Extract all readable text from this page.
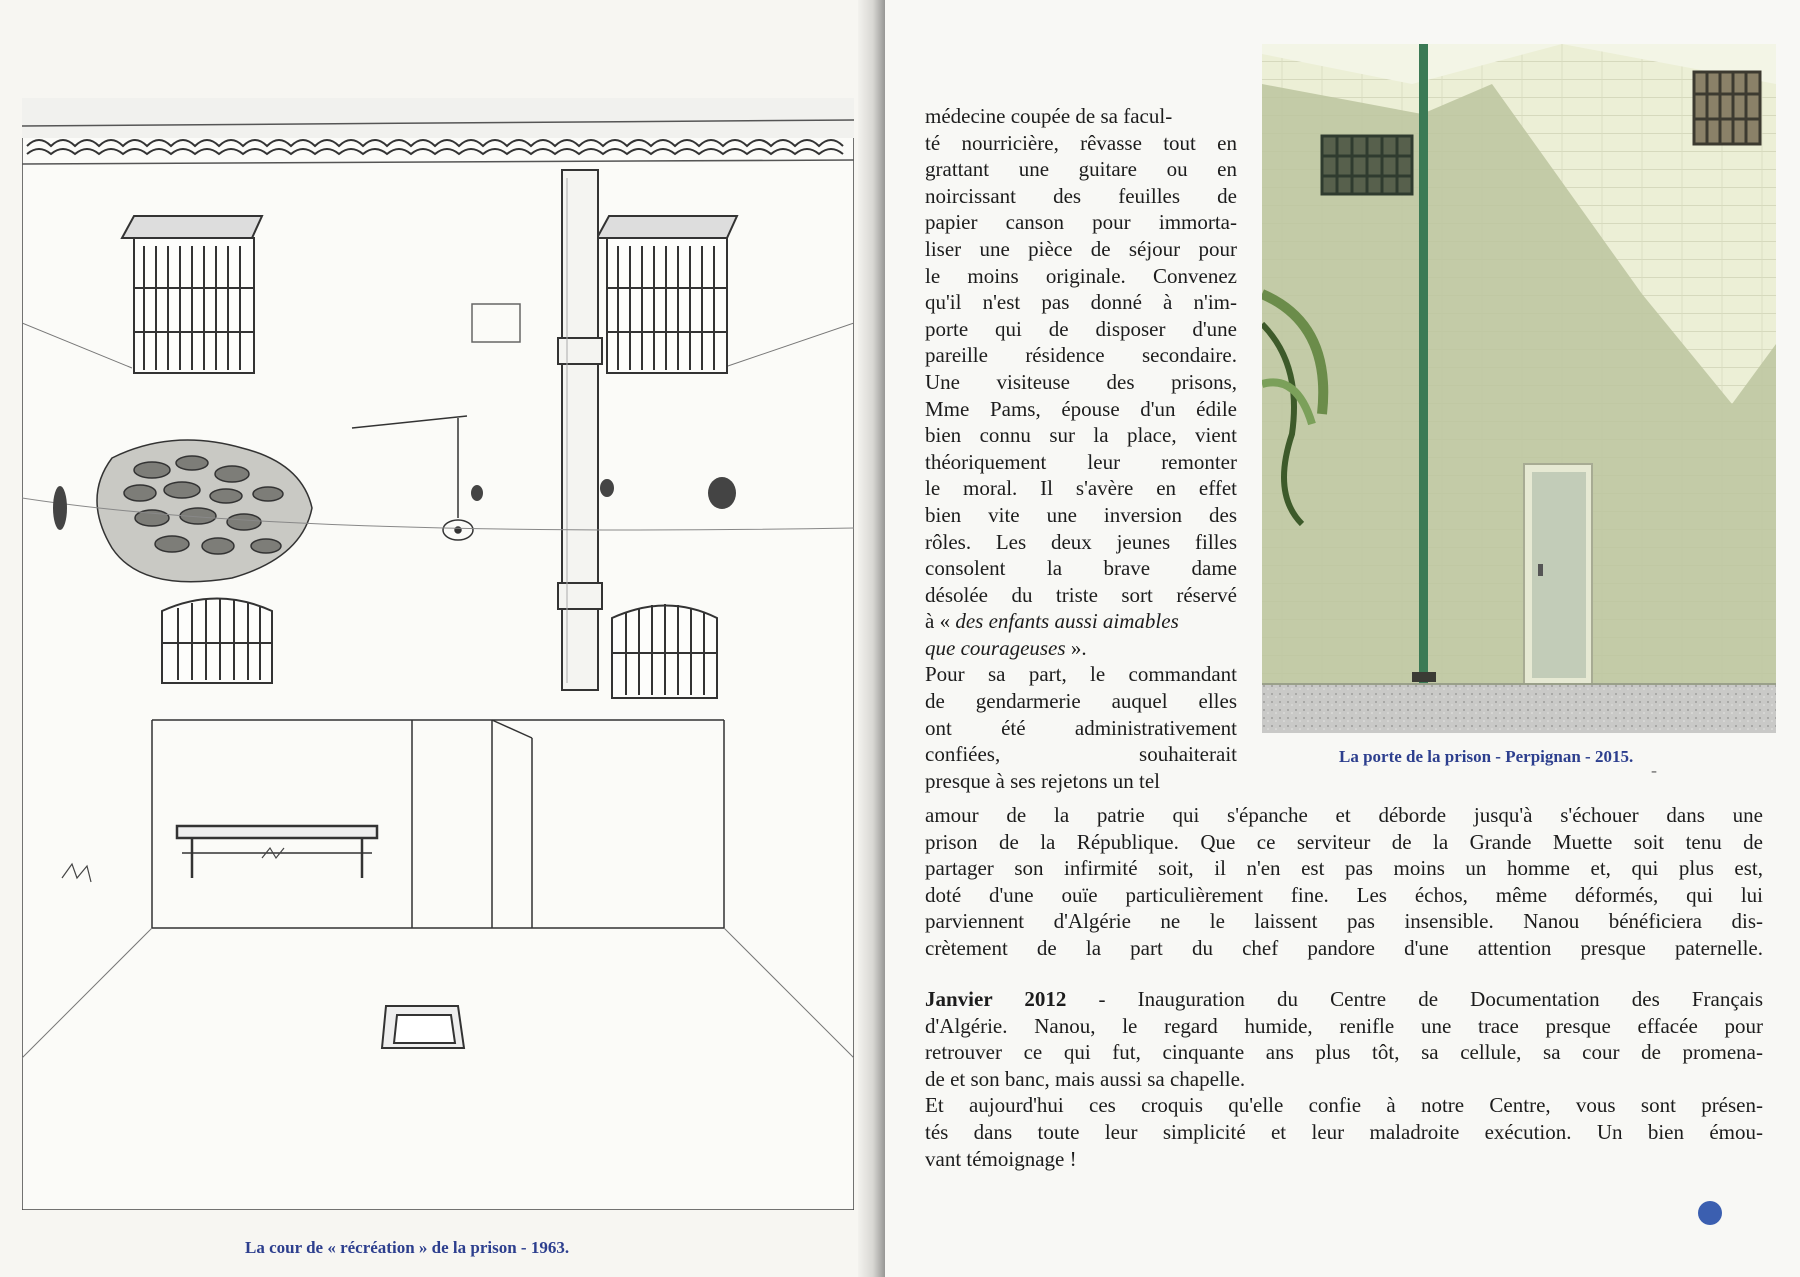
La cour de « récréation » de la prison - 1963.
La porte de la prison - Perpignan - 2015.
ˉ
médecine coupée de sa facul-
té nourricière, rêvasse tout en
grattant une guitare ou en
noircissant des feuilles de
papier canson pour immorta-
liser une pièce de séjour pour
le moins originale. Convenez
qu'il n'est pas donné à n'im-
porte qui de disposer d'une
pareille résidence secondaire.
Une visiteuse des prisons,
Mme Pams, épouse d'un édile
bien connu sur la place, vient
théoriquement leur remonter
le moral. Il s'avère en effet
bien vite une inversion des
rôles. Les deux jeunes filles
consolent la brave dame
désolée du triste sort réservé
à « des enfants aussi aimables
que courageuses ».
Pour sa part, le commandant
de gendarmerie auquel elles
ont été administrativement
confiées, souhaiterait
presque à ses rejetons un tel
amour de la patrie qui s'épanche et déborde jusqu'à s'échouer dans une
prison de la République. Que ce serviteur de la Grande Muette soit tenu de
partager son infirmité soit, il n'en est pas moins un homme et, qui plus est,
doté d'une ouïe particulièrement fine. Les échos, même déformés, qui lui
parviennent d'Algérie ne le laissent pas insensible. Nanou bénéficiera dis-
crètement de la part du chef pandore d'une attention presque paternelle.
Janvier 2012 - Inauguration du Centre de Documentation des Français
d'Algérie. Nanou, le regard humide, renifle une trace presque effacée pour
retrouver ce qui fut, cinquante ans plus tôt, sa cellule, sa cour de promena-
de et son banc, mais aussi sa chapelle.
Et aujourd'hui ces croquis qu'elle confie à notre Centre, vous sont présen-
tés dans toute leur simplicité et leur maladroite exécution. Un bien émou-
vant témoignage !
